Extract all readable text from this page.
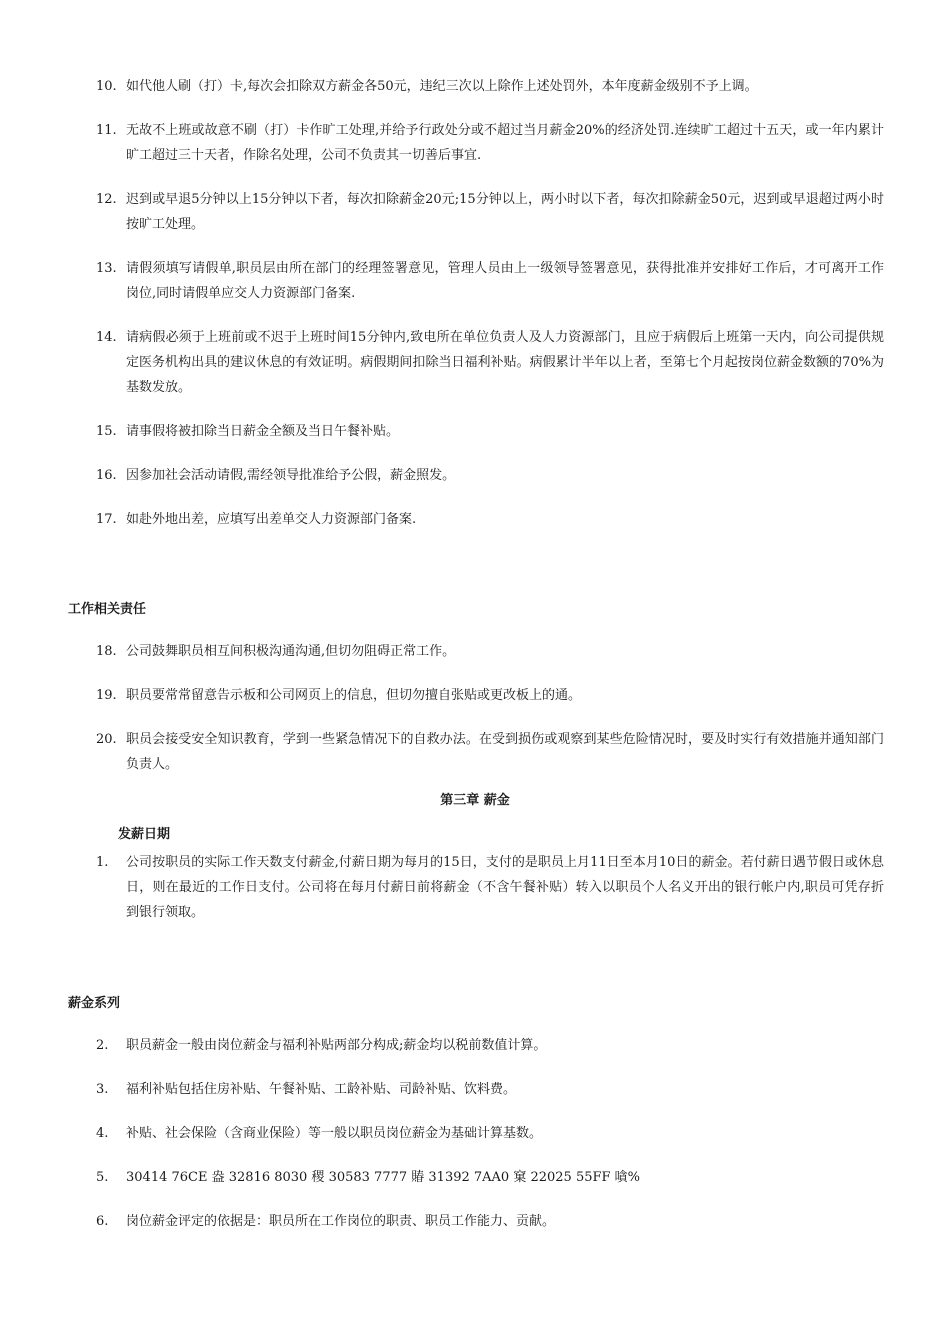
10. 如代他人刷（打）卡,每次会扣除双方薪金各50元，违纪三次以上除作上述处罚外，本年度薪金级别不予上调。
11. 无故不上班或故意不刷（打）卡作旷工处理,并给予行政处分或不超过当月薪金20%的经济处罚.连续旷工超过十五天，或一年内累计旷工超过三十天者，作除名处理，公司不负责其一切善后事宜.
12. 迟到或早退5分钟以上15分钟以下者，每次扣除薪金20元;15分钟以上，两小时以下者，每次扣除薪金50元，迟到或早退超过两小时按旷工处理。
13. 请假须填写请假单,职员层由所在部门的经理签署意见，管理人员由上一级领导签署意见，获得批准并安排好工作后，才可离开工作岗位,同时请假单应交人力资源部门备案.
14. 请病假必须于上班前或不迟于上班时间15分钟内,致电所在单位负责人及人力资源部门，且应于病假后上班第一天内，向公司提供规定医务机构出具的建议休息的有效证明。病假期间扣除当日福利补贴。病假累计半年以上者，至第七个月起按岗位薪金数额的70%为基数发放。
15. 请事假将被扣除当日薪金全额及当日午餐补贴。
16. 因参加社会活动请假,需经领导批准给予公假，薪金照发。
17. 如赴外地出差，应填写出差单交人力资源部门备案.
工作相关责任
18. 公司鼓舞职员相互间积极沟通沟通,但切勿阻碍正常工作。
19. 职员要常常留意告示板和公司网页上的信息，但切勿擅自张贴或更改板上的通。
20. 职员会接受安全知识教育，学到一些紧急情况下的自救办法。在受到损伤或观察到某些危险情况时，要及时实行有效措施并通知部门负责人。
第三章 薪金
发薪日期
1.	公司按职员的实际工作天数支付薪金,付薪日期为每月的15日，支付的是职员上月11日至本月10日的薪金。若付薪日遇节假日或休息日，则在最近的工作日支付。公司将在每月付薪日前将薪金（不含午餐补贴）转入以职员个人名义开出的银行帐户内,职员可凭存折到银行领取。
薪金系列
2.	职员薪金一般由岗位薪金与福利补贴两部分构成;薪金均以税前数值计算。
3.	福利补贴包括住房补贴、午餐补贴、工龄补贴、司龄补贴、饮料费。
4.	补贴、社会保险（含商业保险）等一般以职员岗位薪金为基础计算基数。
5.	30414 76CE 盎 32816 8030 稷 30583 7777 賰 31392 7AA0 窠 22025 55FF 嗿%
6.	岗位薪金评定的依据是：职员所在工作岗位的职责、职员工作能力、贡献。
